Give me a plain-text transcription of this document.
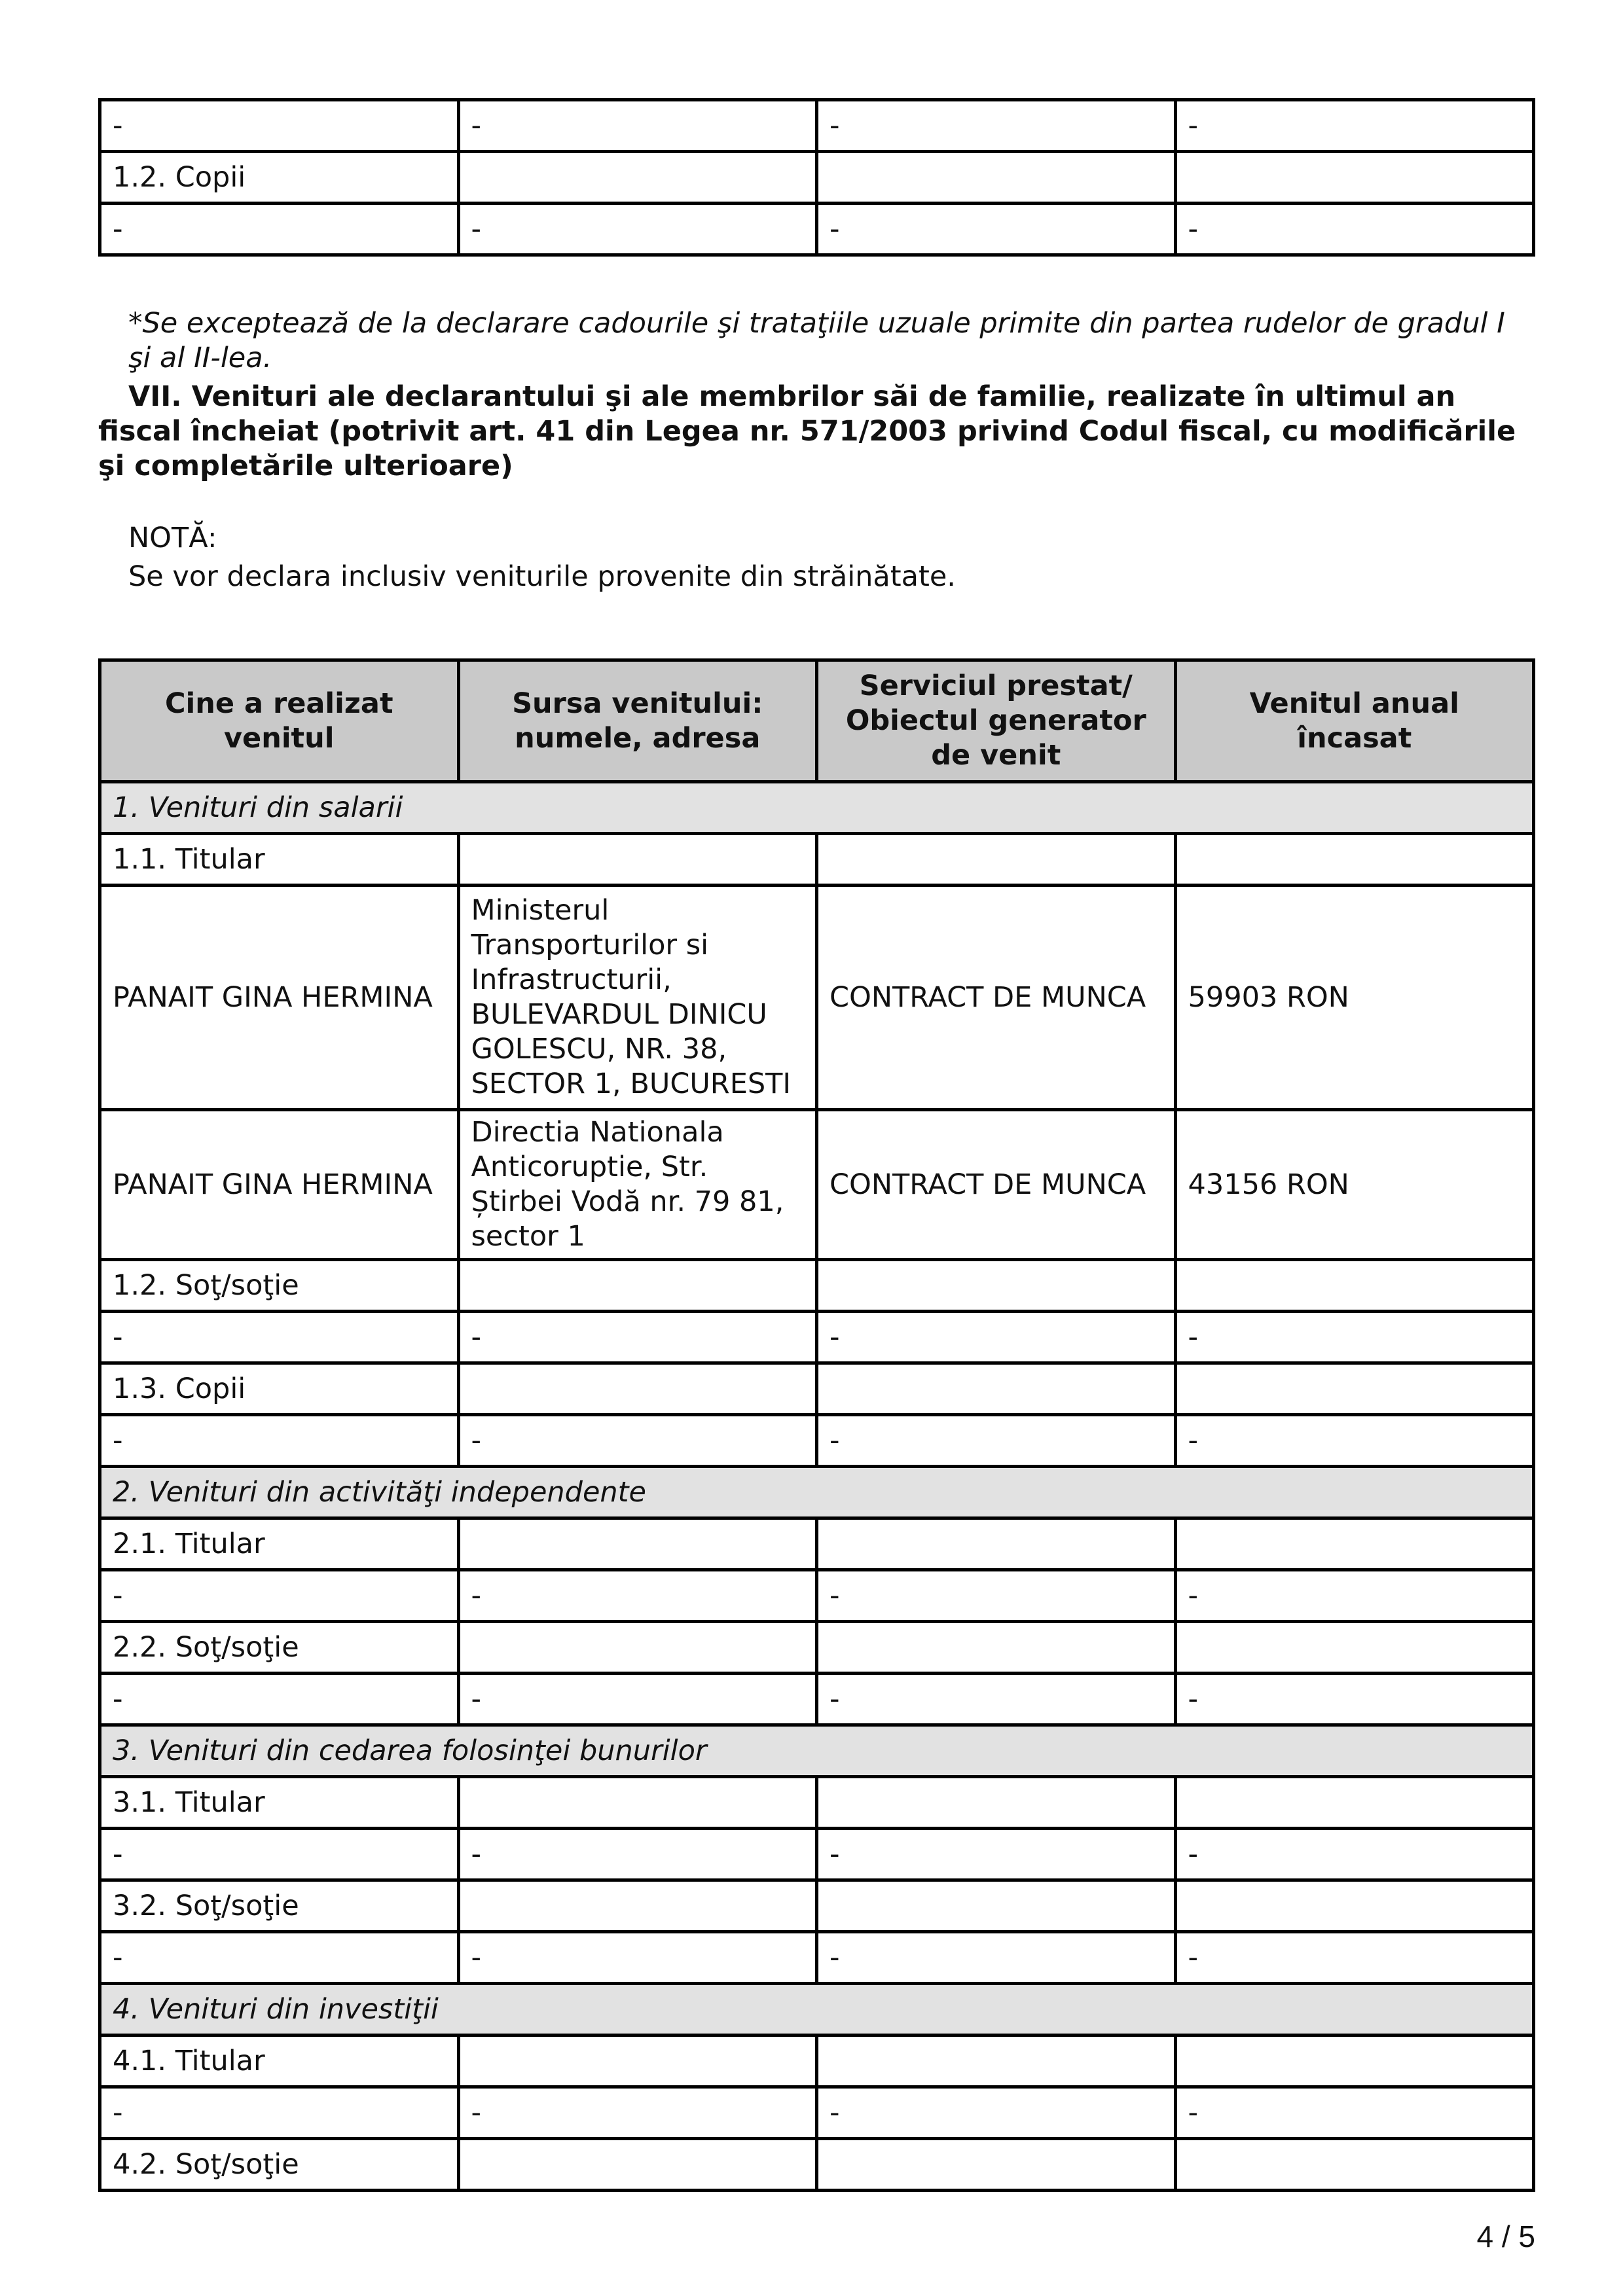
-	-	-	-
1.2. Copii			
-	-	-	-
*Se exceptează de la declarare cadourile şi trataţiile uzuale primite din partea rudelor de gradul I şi al II-lea.
VII. Venituri ale declarantului şi ale membrilor săi de familie, realizate în ultimul an fiscal încheiat (potrivit art. 41 din Legea nr. 571/2003 privind Codul fiscal, cu modificările şi completările ulterioare)
NOTĂ:
Se vor declara inclusiv veniturile provenite din străinătate.
Cine a realizat venitul	Sursa venitului: numele, adresa	Serviciul prestat/ Obiectul generator de venit	Venitul anual încasat
1. Venituri din salarii			
1.1. Titular			
PANAIT GINA HERMINA	Ministerul Transporturilor si Infrastructurii, BULEVARDUL DINICU GOLESCU, NR. 38, SECTOR 1, BUCURESTI	CONTRACT DE MUNCA	59903 RON
PANAIT GINA HERMINA	Directia Nationala Anticoruptie, Str. Știrbei Vodă nr. 79 81, sector 1	CONTRACT DE MUNCA	43156 RON
1.2. Soţ/soţie			
-	-	-	-
1.3. Copii			
-	-	-	-
2. Venituri din activităţi independente			
2.1. Titular			
-	-	-	-
2.2. Soţ/soţie			
-	-	-	-
3. Venituri din cedarea folosinţei bunurilor			
3.1. Titular			
-	-	-	-
3.2. Soţ/soţie			
-	-	-	-
4. Venituri din investiţii			
4.1. Titular			
-	-	-	-
4.2. Soţ/soţie			
4 / 5
